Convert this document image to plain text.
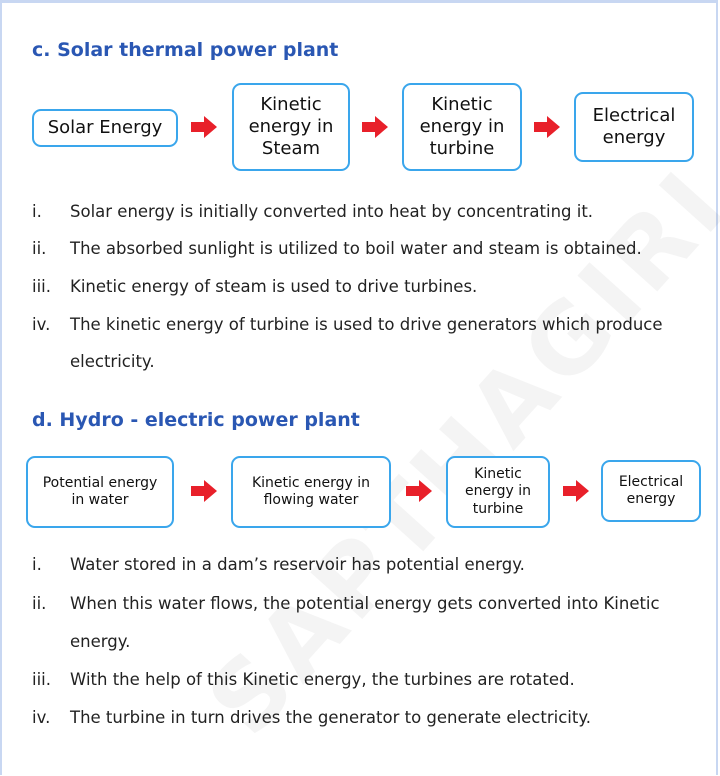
c. Solar thermal power plant
Solar Energy
Kinetic
energy in
Steam
Kinetic
energy in
turbine
Electrical
energy
i.	Solar energy is initially converted into heat by concentrating it.
ii.	The absorbed sunlight is utilized to boil water and steam is obtained.
iii.	Kinetic energy of steam is used to drive turbines.
iv.	The kinetic energy of turbine is used to drive generators which produce
electricity.
d. Hydro - electric power plant
Potential energy
in water
Kinetic energy in
flowing water
Kinetic
energy in
turbine
Electrical
energy
i.	Water stored in a dam’s reservoir has potential energy.
ii.	When this water flows, the potential energy gets converted into Kinetic
energy.
iii.	With the help of this Kinetic energy, the turbines are rotated.
iv.	The turbine in turn drives the generator to generate electricity.
